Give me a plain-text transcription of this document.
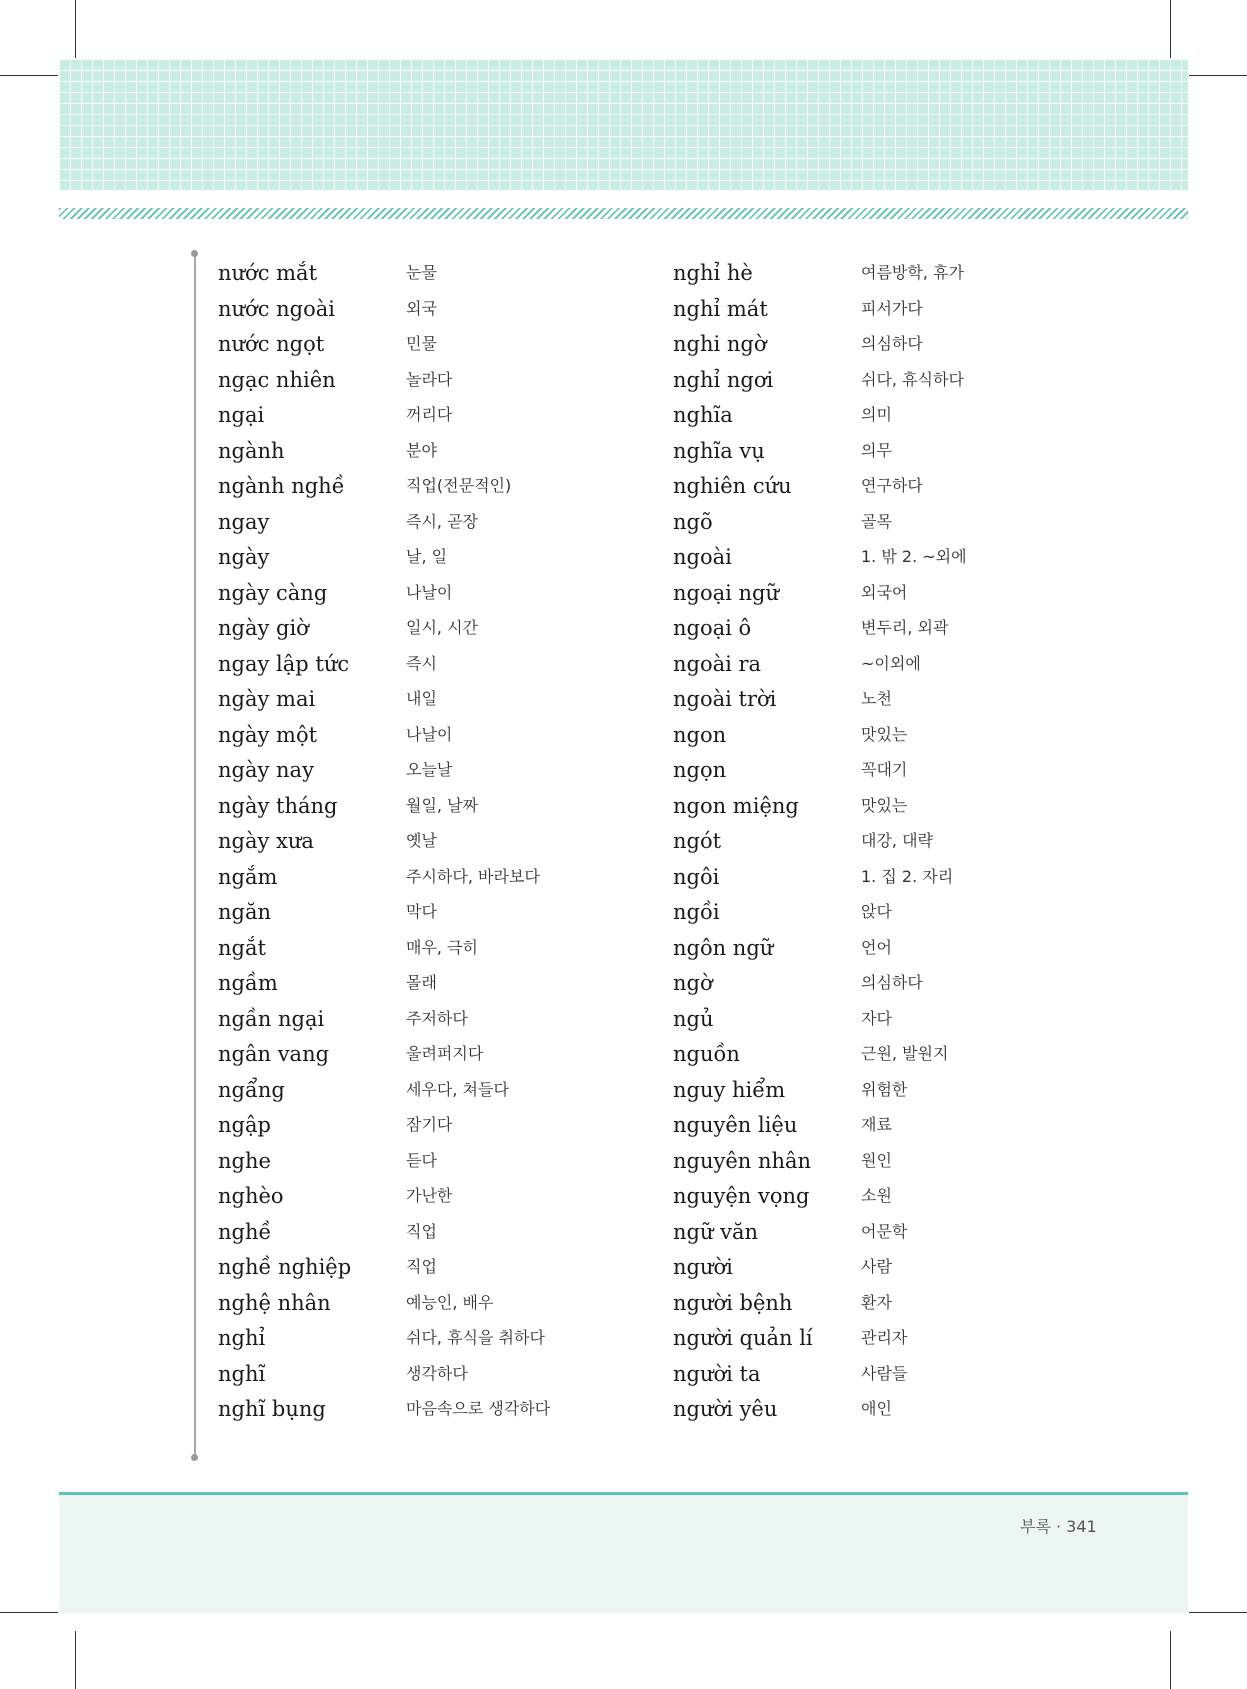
nước mắt	눈물
nước ngoài	외국
nước ngọt	민물
ngạc nhiên	놀라다
ngại	꺼리다
ngành	분야
ngành nghề	직업(전문적인)
ngay	즉시, 곧장
ngày	날, 일
ngày càng	나날이
ngày giờ	일시, 시간
ngay lập tức	즉시
ngày mai	내일
ngày một	나날이
ngày nay	오늘날
ngày tháng	월일, 날짜
ngày xưa	옛날
ngắm	주시하다, 바라보다
ngăn	막다
ngắt	매우, 극히
ngầm	몰래
ngần ngại	주저하다
ngân vang	울려퍼지다
ngẩng	세우다, 쳐들다
ngập	잠기다
nghe	듣다
nghèo	가난한
nghề	직업
nghề nghiệp	직업
nghệ nhân	예능인, 배우
nghỉ	쉬다, 휴식을 취하다
nghĩ	생각하다
nghĩ bụng	마음속으로 생각하다
nghỉ hè	여름방학, 휴가
nghỉ mát	피서가다
nghi ngờ	의심하다
nghỉ ngơi	쉬다, 휴식하다
nghĩa	의미
nghĩa vụ	의무
nghiên cứu	연구하다
ngõ	골목
ngoài	1. 밖 2. ~외에
ngoại ngữ	외국어
ngoại ô	변두리, 외곽
ngoài ra	~이외에
ngoài trời	노천
ngon	맛있는
ngọn	꼭대기
ngon miệng	맛있는
ngót	대강, 대략
ngôi	1. 집 2. 자리
ngồi	앉다
ngôn ngữ	언어
ngờ	의심하다
ngủ	자다
nguồn	근원, 발원지
nguy hiểm	위험한
nguyên liệu	재료
nguyên nhân	원인
nguyện vọng	소원
ngữ văn	어문학
người	사람
người bệnh	환자
người quản lí	관리자
người ta	사람들
người yêu	애인
부록 · 341
